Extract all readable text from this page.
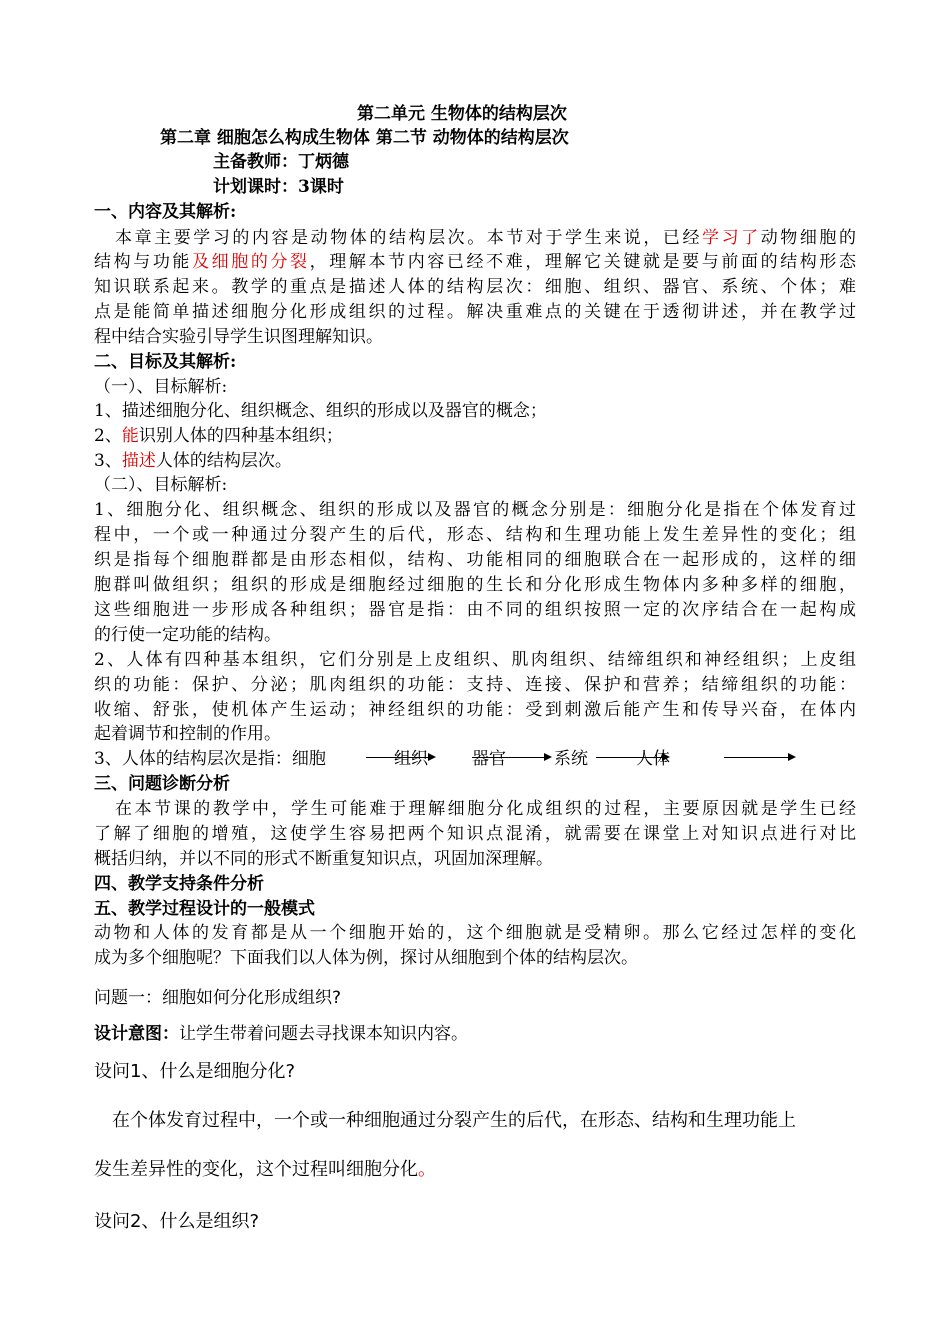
第二单元 生物体的结构层次
第二章 细胞怎么构成生物体 第二节 动物体的结构层次
主备教师：丁炳德
计划课时：3课时
一、内容及其解析:
本章主要学习的内容是动物体的结构层次。本节对于学生来说，已经学习了动物细胞的
结构与功能及细胞的分裂，理解本节内容已经不难，理解它关键就是要与前面的结构形态
知识联系起来。教学的重点是描述人体的结构层次：细胞、组织、器官、系统、个体；难
点是能简单描述细胞分化形成组织的过程。解决重难点的关键在于透彻讲述，并在教学过
程中结合实验引导学生识图理解知识。
二、目标及其解析:
（一）、目标解析:
1、描述细胞分化、组织概念、组织的形成以及器官的概念；
2、能识别人体的四种基本组织；
3、描述人体的结构层次。
（二）、目标解析:
1、细胞分化、组织概念、组织的形成以及器官的概念分别是：细胞分化是指在个体发育过
程中，一个或一种通过分裂产生的后代，形态、结构和生理功能上发生差异性的变化；组
织是指每个细胞群都是由形态相似，结构、功能相同的细胞联合在一起形成的，这样的细
胞群叫做组织；组织的形成是细胞经过细胞的生长和分化形成生物体内多种多样的细胞，
这些细胞进一步形成各种组织；器官是指：由不同的组织按照一定的次序结合在一起构成
的行使一定功能的结构。
2、人体有四种基本组织，它们分别是上皮组织、肌肉组织、结缔组织和神经组织；上皮组
织的功能：保护、分泌；肌肉组织的功能：支持、连接、保护和营养；结缔组织的功能：
收缩、舒张，使机体产生运动；神经组织的功能：受到刺激后能产生和传导兴奋，在体内
起着调节和控制的作用。
3、人体的结构层次是指：细胞	组织	器官	系统	人体
三、问题诊断分析
在本节课的教学中，学生可能难于理解细胞分化成组织的过程，主要原因就是学生已经
了解了细胞的增殖，这使学生容易把两个知识点混淆，就需要在课堂上对知识点进行对比
概括归纳，并以不同的形式不断重复知识点，巩固加深理解。
四、教学支持条件分析
五、教学过程设计的一般模式
动物和人体的发育都是从一个细胞开始的，这个细胞就是受精卵。那么它经过怎样的变化
成为多个细胞呢？下面我们以人体为例，探讨从细胞到个体的结构层次。
问题一：细胞如何分化形成组织?
设计意图：让学生带着问题去寻找课本知识内容。
设问1、什么是细胞分化?
在个体发育过程中，一个或一种细胞通过分裂产生的后代，在形态、结构和生理功能上
发生差异性的变化，这个过程叫细胞分化。
设问2、什么是组织?
